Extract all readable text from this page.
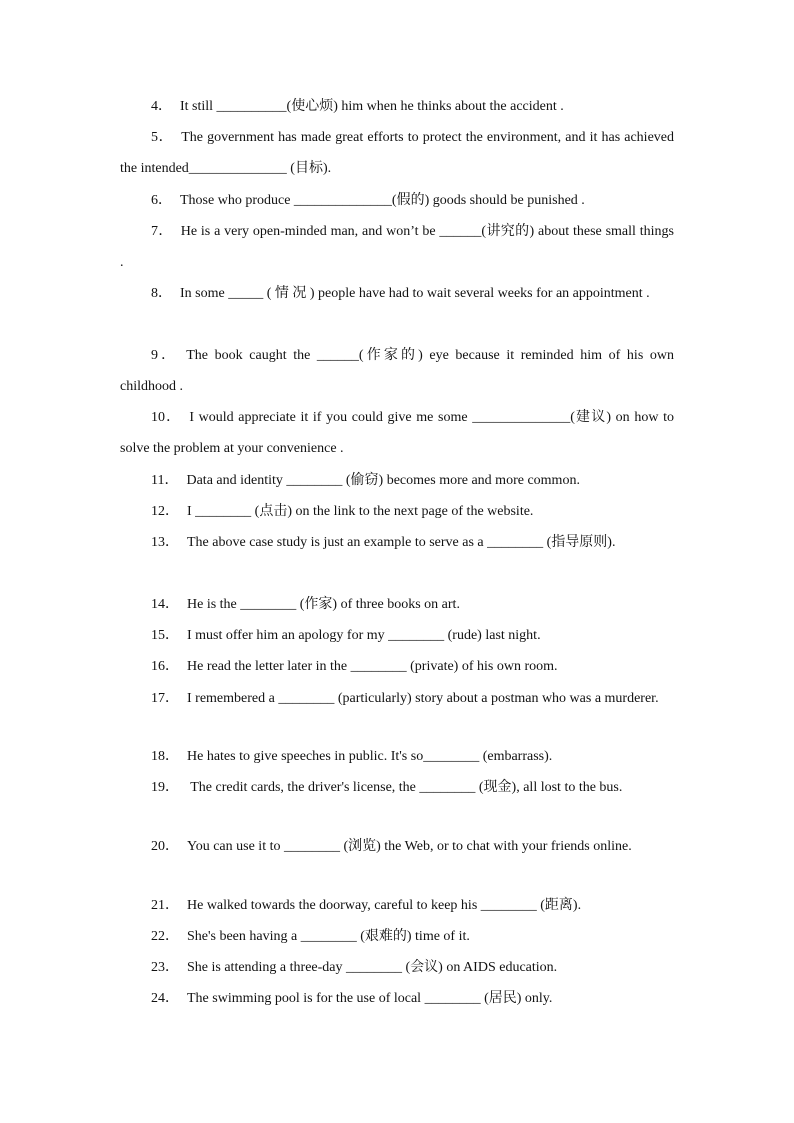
4． It still __________(使心烦) him when he thinks about the accident .
5． The government has made great efforts to protect the environment, and it has achieved the intended______________ (目标).
6． Those who produce ______________(假的) goods should be punished .
7． He is a very open-minded man, and won’t be ______(讲究的) about these small things .
8． In some _____ ( 情 况 ) people have had to wait several weeks for an appointment .
9． The book caught the ______(作家的) eye because it reminded him of his own childhood .
10． I would appreciate it if you could give me some ______________(建议) on how to solve the problem at your convenience .
11． Data and identity ________ (偷窃) becomes more and more common.
12． I ________ (点击) on the link to the next page of the website.
13． The above case study is just an example to serve as a ________ (指导原则).
14． He is the ________ (作家) of three books on art.
15． I must offer him an apology for my ________ (rude) last night.
16． He read the letter later in the ________ (private) of his own room.
17． I remembered a ________ (particularly) story about a postman who was a murderer.
18． He hates to give speeches in public. It's so________ (embarrass).
19． The credit cards, the driver's license, the ________ (现金), all lost to the bus.
20． You can use it to ________ (浏览) the Web, or to chat with your friends online.
21． He walked towards the doorway, careful to keep his ________ (距离).
22． She's been having a ________ (艰难的) time of it.
23． She is attending a three-day ________ (会议) on AIDS education.
24． The swimming pool is for the use of local ________ (居民) only.
